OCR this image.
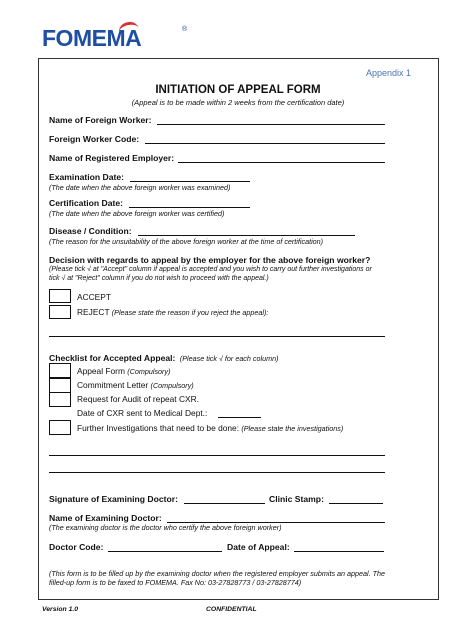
FOMEMA	®
Appendix 1
INITIATION OF APPEAL FORM
(Appeal is to be made within 2 weeks from the certification date)
Name of Foreign Worker:
Foreign Worker Code:
Name of Registered Employer:
Examination Date:
(The date when the above foreign worker was examined)
Certification Date:
(The date when the above foreign worker was certified)
Disease / Condition:
(The reason for the unsuitability of the above foreign worker at the time of certification)
Decision with regards to appeal by the employer for the above foreign worker?
(Please tick √ at "Accept" column if appeal is accepted and you wish to carry out further investigations or
tick √ at "Reject" column if you do not wish to proceed with the appeal.)
ACCEPT
REJECT (Please state the reason if you reject the appeal):
Checklist for Accepted Appeal: (Please tick √ for each column)
Appeal Form (Compulsory)
Commitment Letter (Compulsory)
Request for Audit of repeat CXR.
Date of CXR sent to Medical Dept.:
Further Investigations that need to be done: (Please state the investigations)
Signature of Examining Doctor:	Clinic Stamp:
Name of Examining Doctor:
(The examining doctor is the doctor who certify the above foreign worker)
Doctor Code:	Date of Appeal:
(This form is to be filled up by the examining doctor when the registered employer submits an appeal. The
filled-up form is to be faxed to FOMEMA. Fax No: 03-27828773 / 03-27828774)
Version 1.0	CONFIDENTIAL
